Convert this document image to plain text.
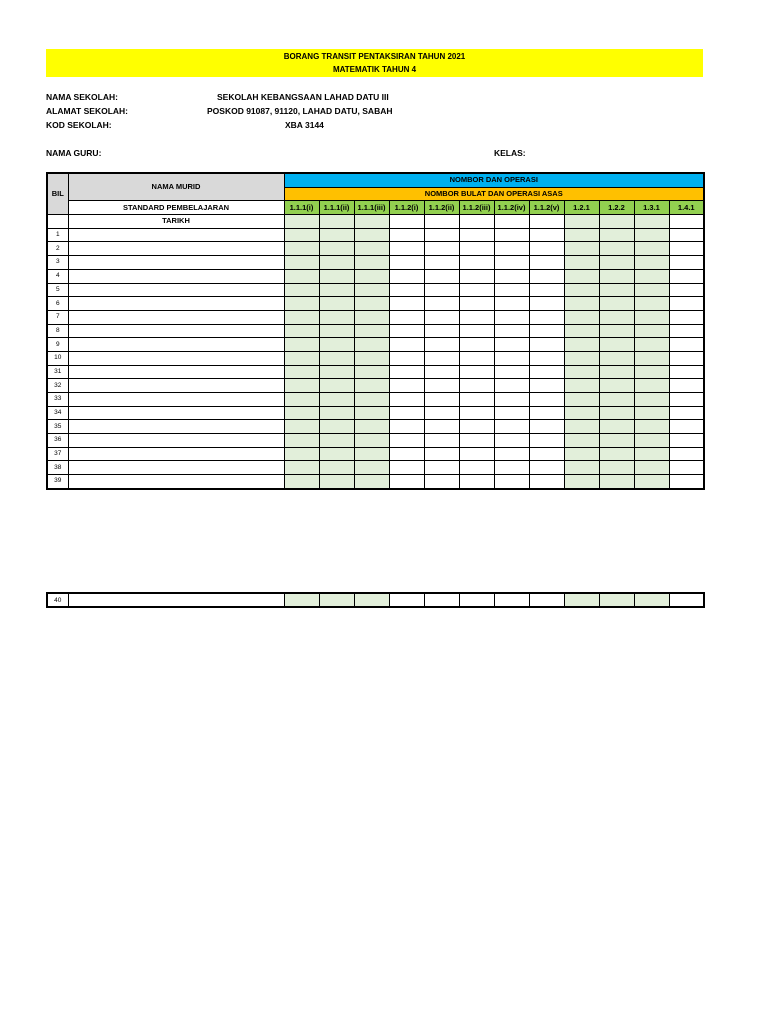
BORANG TRANSIT PENTAKSIRAN TAHUN 2021
MATEMATIK TAHUN 4
NAMA SEKOLAH:	SEKOLAH KEBANGSAAN LAHAD DATU III
ALAMAT SEKOLAH:	POSKOD 91087, 91120, LAHAD DATU, SABAH
KOD SEKOLAH:	XBA 3144
NAMA GURU:	KELAS:
BIL	NAMA MURID	NOMBOR DAN OPERASI											
		NOMBOR BULAT DAN OPERASI ASAS											
	STANDARD PEMBELAJARAN	1.1.1(i)	1.1.1(ii)	1.1.1(iii)	1.1.2(i)	1.1.2(ii)	1.1.2(iii)	1.1.2(iv)	1.1.2(v)	1.2.1	1.2.2	1.3.1	1.4.1
	TARIKH												
1													
2													
3													
4													
5													
6													
7													
8													
9													
10													
31													
32													
33													
34													
35													
36													
37													
38													
39													
40													
